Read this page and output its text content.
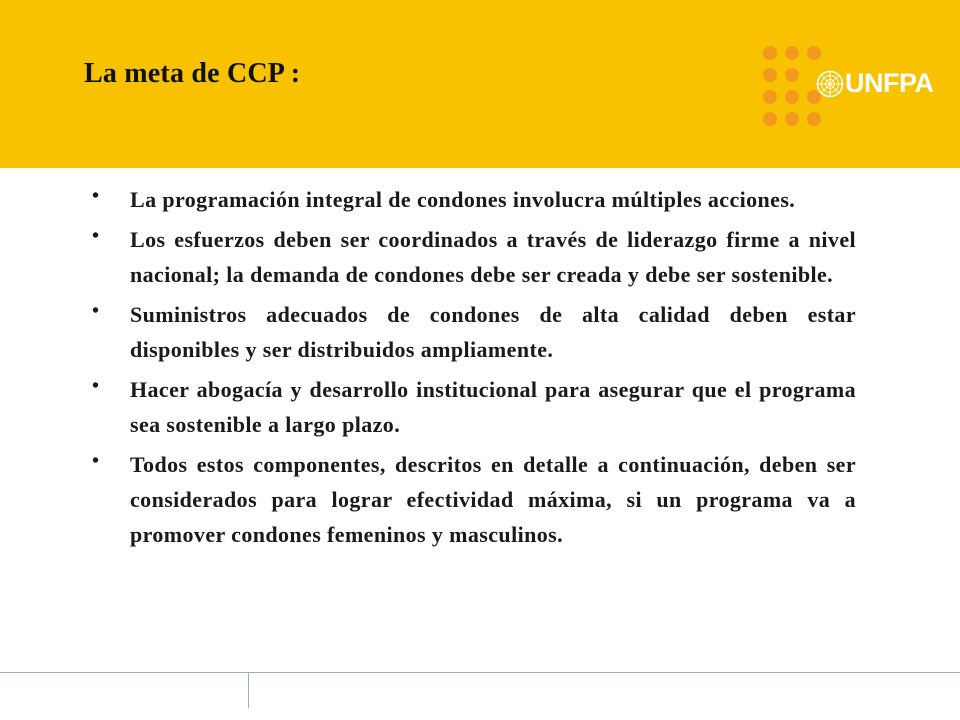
La meta de CCP :	UNFPA
• La programación integral de condones involucra múltiples acciones.
• Los esfuerzos deben ser coordinados a través de liderazgo firme a nivel nacional; la demanda de condones debe ser creada y debe ser sostenible.
• Suministros adecuados de condones de alta calidad deben estar disponibles y ser distribuidos ampliamente.
• Hacer abogacía y desarrollo institucional para asegurar que el programa sea sostenible a largo plazo.
• Todos estos componentes, descritos en detalle a continuación, deben ser considerados para lograr efectividad máxima, si un programa va a promover condones femeninos y masculinos.
